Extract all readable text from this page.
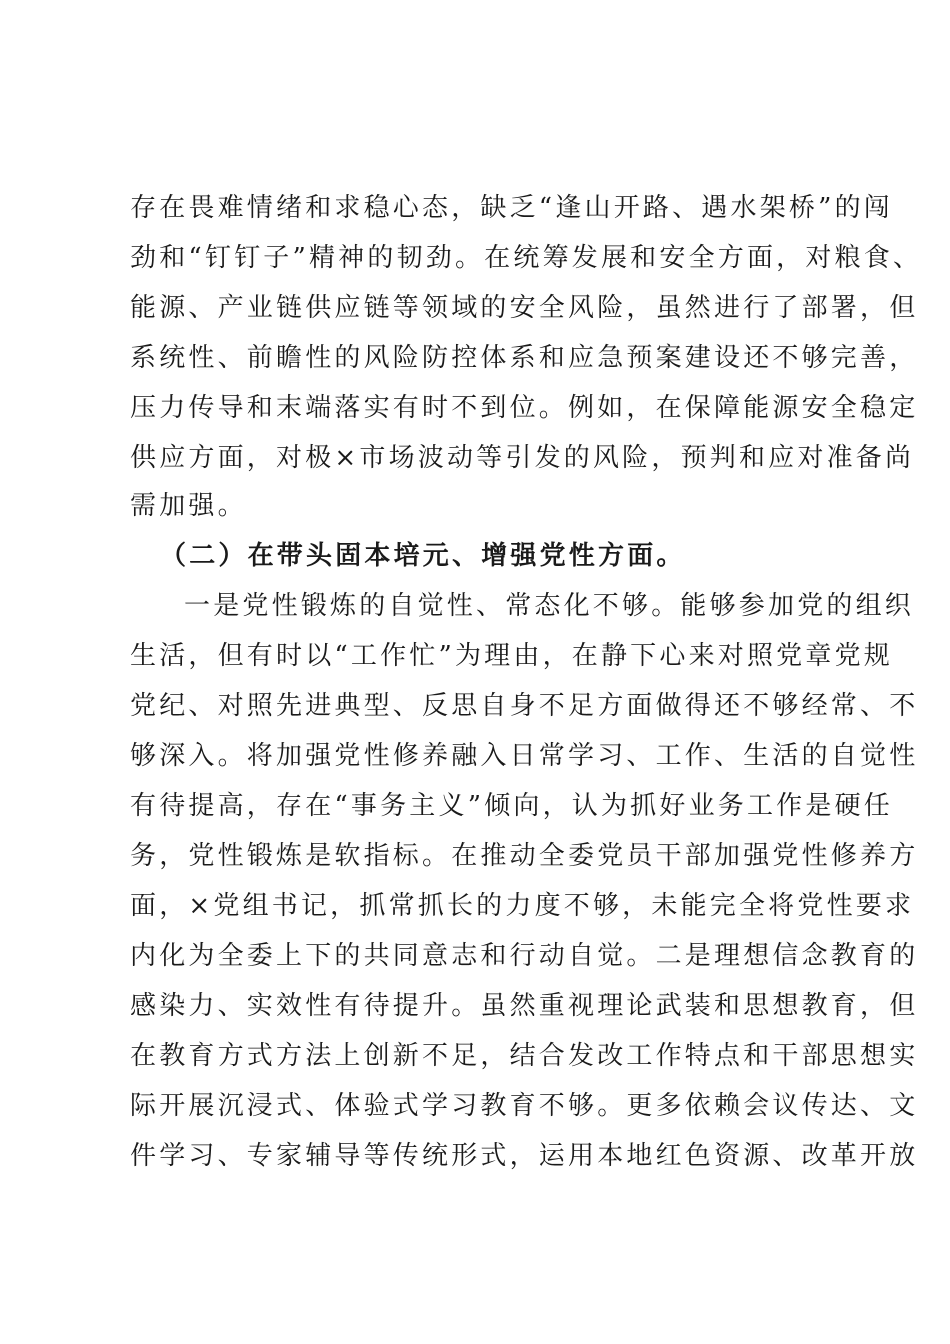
存在畏难情绪和求稳心态，缺乏“逢山开路、遇水架桥”的闯
劲和“钉钉子”精神的韧劲。在统筹发展和安全方面，对粮食、
能源、产业链供应链等领域的安全风险，虽然进行了部署，但
系统性、前瞻性的风险防控体系和应急预案建设还不够完善，
压力传导和末端落实有时不到位。例如，在保障能源安全稳定
供应方面，对极×市场波动等引发的风险，预判和应对准备尚
需加强。
（二）在带头固本培元、增强党性方面。
一是党性锻炼的自觉性、常态化不够。能够参加党的组织
生活，但有时以“工作忙”为理由，在静下心来对照党章党规
党纪、对照先进典型、反思自身不足方面做得还不够经常、不
够深入。将加强党性修养融入日常学习、工作、生活的自觉性
有待提高，存在“事务主义”倾向，认为抓好业务工作是硬任
务，党性锻炼是软指标。在推动全委党员干部加强党性修养方
面，×党组书记，抓常抓长的力度不够，未能完全将党性要求
内化为全委上下的共同意志和行动自觉。二是理想信念教育的
感染力、实效性有待提升。虽然重视理论武装和思想教育，但
在教育方式方法上创新不足，结合发改工作特点和干部思想实
际开展沉浸式、体验式学习教育不够。更多依赖会议传达、文
件学习、专家辅导等传统形式，运用本地红色资源、改革开放
